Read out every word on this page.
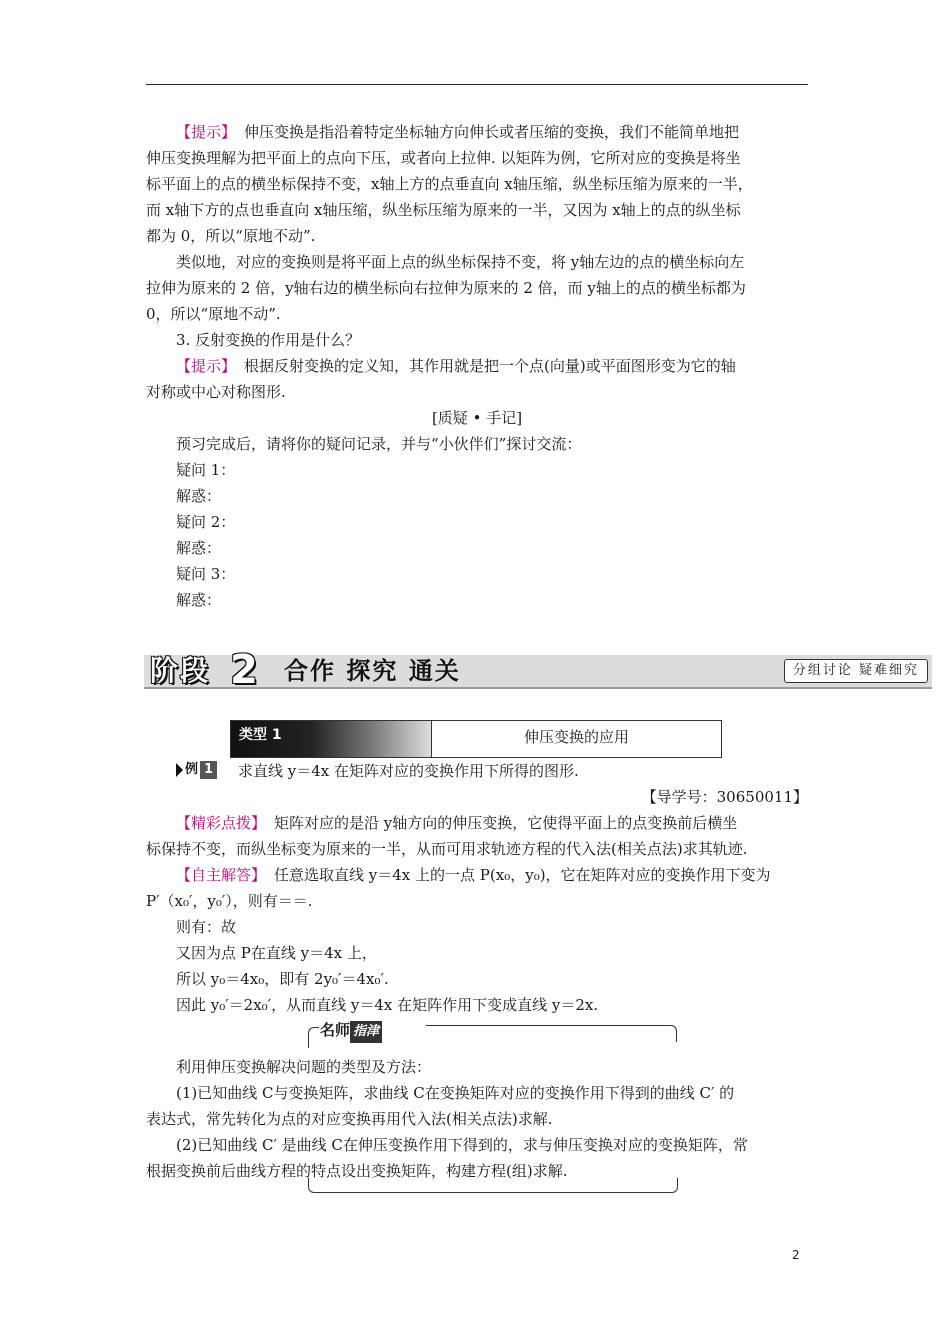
【提示】 伸压变换是指沿着特定坐标轴方向伸长或者压缩的变换，我们不能简单地把
伸压变换理解为把平面上的点向下压，或者向上拉伸. 以矩阵为例，它所对应的变换是将坐
标平面上的点的横坐标保持不变，x轴上方的点垂直向 x轴压缩，纵坐标压缩为原来的一半，
而 x轴下方的点也垂直向 x轴压缩，纵坐标压缩为原来的一半，又因为 x轴上的点的纵坐标
都为 0，所以“原地不动”.
类似地，对应的变换则是将平面上点的纵坐标保持不变，将 y轴左边的点的横坐标向左
拉伸为原来的 2 倍，y轴右边的横坐标向右拉伸为原来的 2 倍，而 y轴上的点的横坐标都为
0，所以“原地不动”.
3. 反射变换的作用是什么？
【提示】 根据反射变换的定义知，其作用就是把一个点(向量)或平面图形变为它的轴
对称或中心对称图形.
[质疑 • 手记]
预习完成后，请将你的疑问记录，并与“小伙伴们”探讨交流：
疑问 1：
解惑：
疑问 2：
解惑：
疑问 3：
解惑：
阶段 2 合作 探究 通关	分组讨论 疑难细究
类型 1	伸压变换的应用
例 1 求直线 y＝4x 在矩阵对应的变换作用下所得的图形.
【导学号：30650011】
【精彩点拨】 矩阵对应的是沿 y轴方向的伸压变换，它使得平面上的点变换前后横坐
标保持不变，而纵坐标变为原来的一半，从而可用求轨迹方程的代入法(相关点法)求其轨迹.
【自主解答】 任意选取直线 y＝4x 上的一点 P(x₀，y₀)，它在矩阵对应的变换作用下变为
P′（x₀′，y₀′），则有＝＝.
则有：故
又因为点 P在直线 y＝4x 上，
所以 y₀＝4x₀，即有 2y₀′＝4x₀′.
因此 y₀′＝2x₀′，从而直线 y＝4x 在矩阵作用下变成直线 y＝2x.
名师 指津
利用伸压变换解决问题的类型及方法：
(1)已知曲线 C与变换矩阵，求曲线 C在变换矩阵对应的变换作用下得到的曲线 C′ 的
表达式，常先转化为点的对应变换再用代入法(相关点法)求解.
(2)已知曲线 C′ 是曲线 C在伸压变换作用下得到的，求与伸压变换对应的变换矩阵，常
根据变换前后曲线方程的特点设出变换矩阵，构建方程(组)求解.
2
